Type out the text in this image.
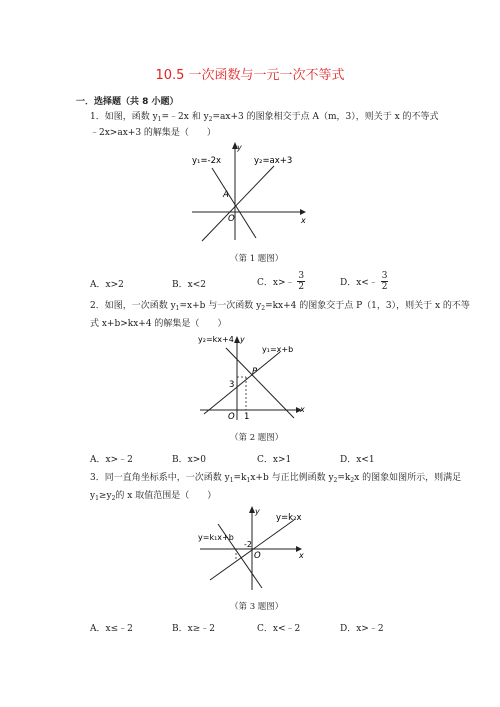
10.5 一次函数与一元一次不等式
一．选择题（共 8 小题）
1．如图，函数 $y_1=﹣2x$ 和 $y_2=ax+3$ 的图象相交于点 A（m，3），则关于 x 的不等式
﹣2x>ax+3 的解集是（　　）
y₁=-2x	y₂=ax+3
y
x
A
O
（第 1 题图）
A．x>2	B．x<2	C．x>﹣ $\frac{3}{2}$	D．x<﹣ $\frac{3}{2}$
2．如图，一次函数 $y_1=x+b$ 与一次函数 $y_2=kx+4$ 的图象交于点 P（1，3），则关于 x 的不等
式 x+b>kx+4 的解集是（　　）
y₂=kx+4
y₁=x+b
x
y
P
3
1
O
（第 2 题图）
A．x>﹣2	B．x>0	C．x>1	D．x<1
3．同一直角坐标系中，一次函数 $y_1=k_1x+b$ 与正比例函数 $y_2=k_2x$ 的图象如图所示，则满足
$y_1\ge y_2$的 x 取值范围是（　　）
y=k₁x+b
y=k₂x
x
y
-2
O
（第 3 题图）
A．x≤﹣2	B．x≥﹣2	C．x<﹣2	D．x>﹣2
